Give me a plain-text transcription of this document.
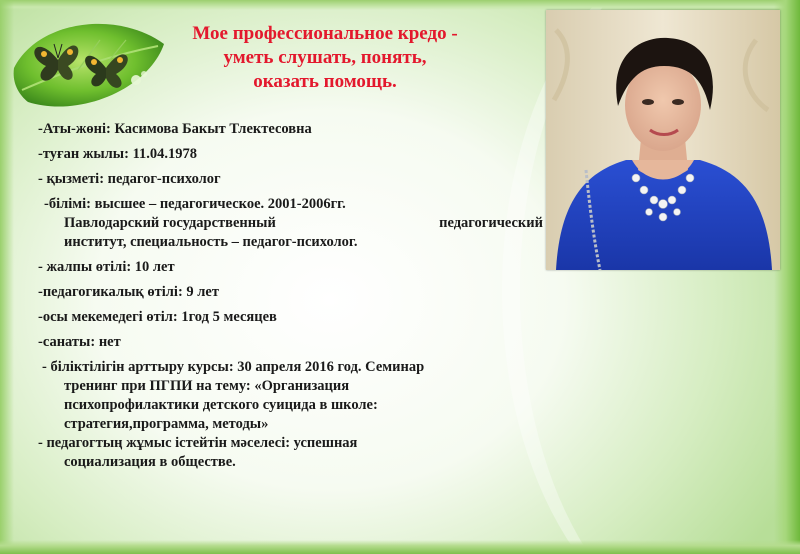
Мое профессиональное кредо -
уметь слушать, понять,
оказать помощь.

-Аты-жөні: Касимова Бакыт Тлектесовна

-туған жылы: 11.04.1978

- қызметі: педагог-психолог

-білімі: высшее – педагогическое. 2001-2006гг.

Павлодарский государственный	педагогический

институт, специальность – педагог-психолог.

- жалпы өтілі: 10 лет

-педагогикалық өтілі: 9 лет

-осы мекемедегі өтіл: 1год 5 месяцев

-санаты: нет

- біліктілігін арттыру курсы: 30 апреля 2016 год. Семинар

тренинг при ПГПИ на тему: «Организация

психопрофилактики детского суицида в школе:

стратегия,программа, методы»

- педагогтың жұмыс істейтін мәселесі: успешная

социализация в обществе.
